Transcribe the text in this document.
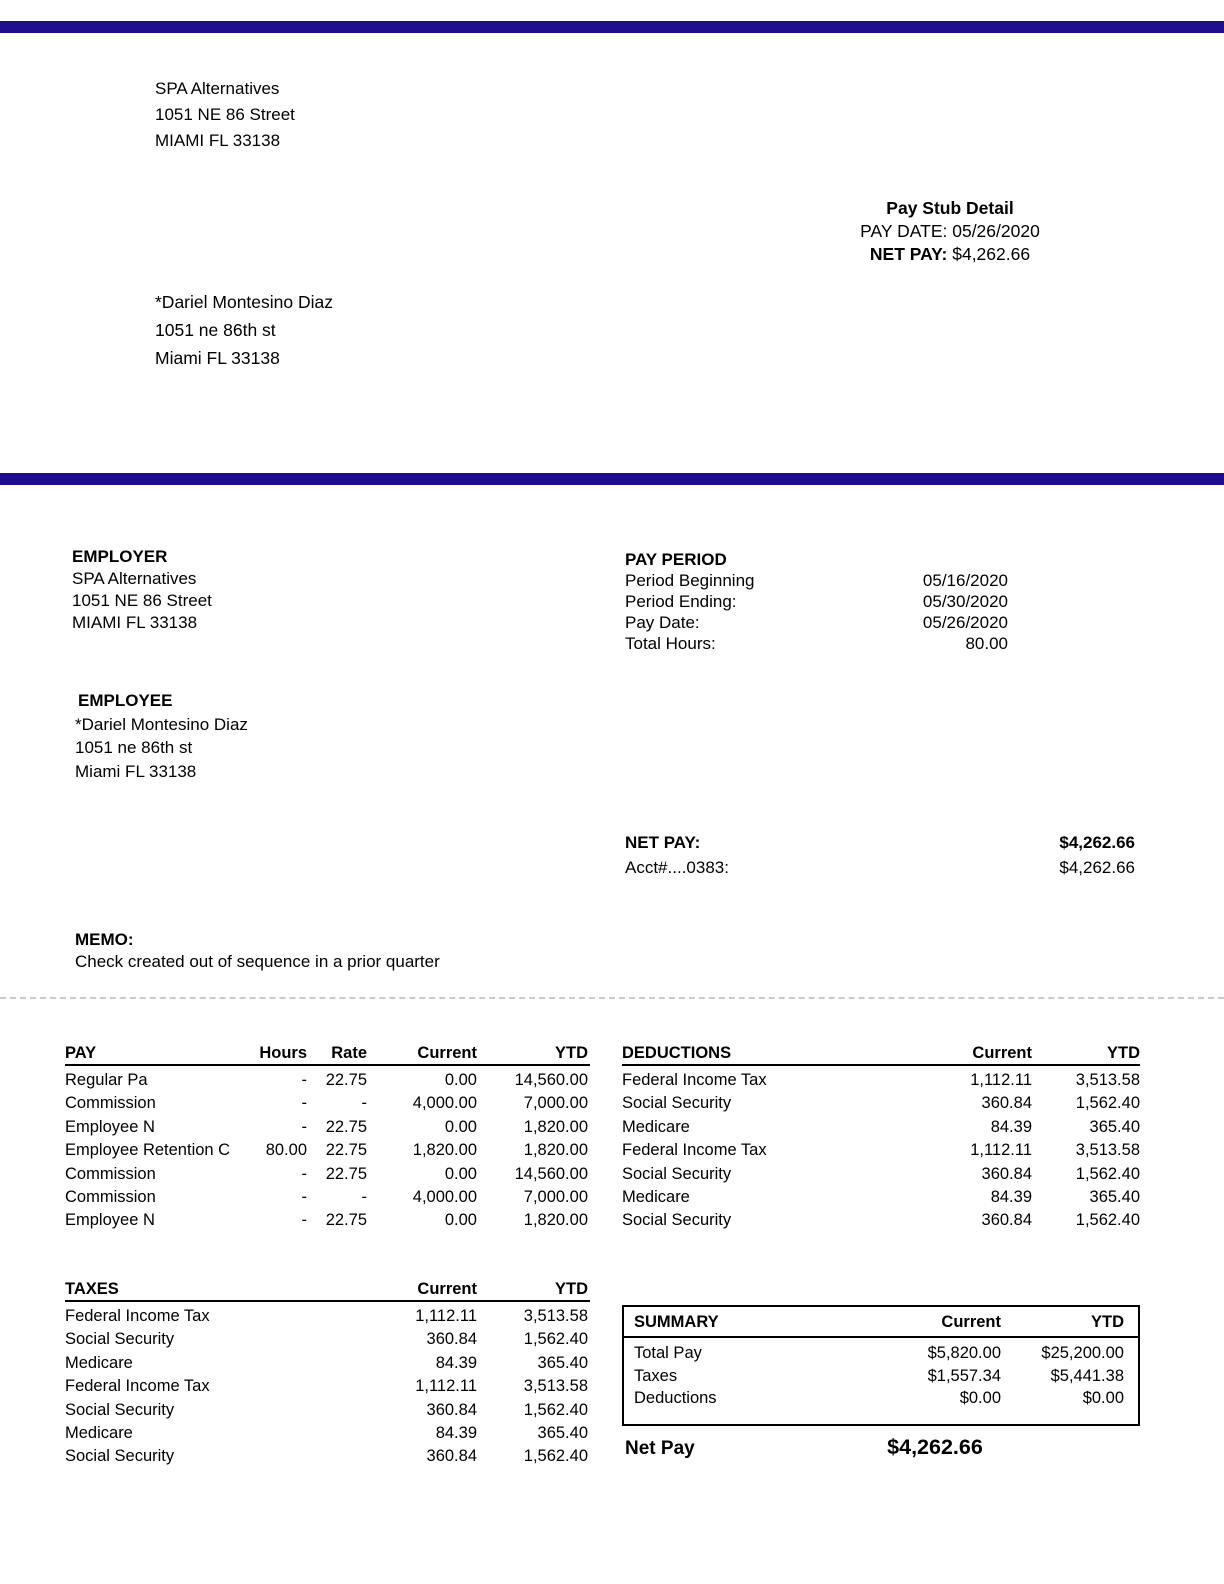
SPA Alternatives
1051 NE 86 Street
MIAMI FL 33138
Pay Stub Detail
PAY DATE: 05/26/2020
NET PAY: $4,262.66
*Dariel Montesino Diaz
1051 ne 86th st
Miami FL 33138
EMPLOYER
SPA Alternatives
1051 NE 86 Street
MIAMI FL 33138
PAY PERIOD
Period Beginning	05/16/2020
Period Ending:	05/30/2020
Pay Date:	05/26/2020
Total Hours:	80.00
EMPLOYEE
*Dariel Montesino Diaz
1051 ne 86th st
Miami FL 33138
NET PAY:	$4,262.66
Acct#....0383:	$4,262.66
MEMO:
Check created out of sequence in a prior quarter
PAY	Hours	Rate	Current	YTD
Regular Pa	-	22.75	0.00	14,560.00
Commission	-	-	4,000.00	7,000.00
Employee N	-	22.75	0.00	1,820.00
Employee Retention C	80.00	22.75	1,820.00	1,820.00
Commission	-	22.75	0.00	14,560.00
Commission	-	-	4,000.00	7,000.00
Employee N	-	22.75	0.00	1,820.00
DEDUCTIONS	Current	YTD
Federal Income Tax	1,112.11	3,513.58
Social Security	360.84	1,562.40
Medicare	84.39	365.40
Federal Income Tax	1,112.11	3,513.58
Social Security	360.84	1,562.40
Medicare	84.39	365.40
Social Security	360.84	1,562.40
TAXES	Current	YTD
Federal Income Tax	1,112.11	3,513.58
Social Security	360.84	1,562.40
Medicare	84.39	365.40
Federal Income Tax	1,112.11	3,513.58
Social Security	360.84	1,562.40
Medicare	84.39	365.40
Social Security	360.84	1,562.40
SUMMARY	Current	YTD
Total Pay	$5,820.00	$25,200.00
Taxes	$1,557.34	$5,441.38
Deductions	$0.00	$0.00
Net Pay	$4,262.66
